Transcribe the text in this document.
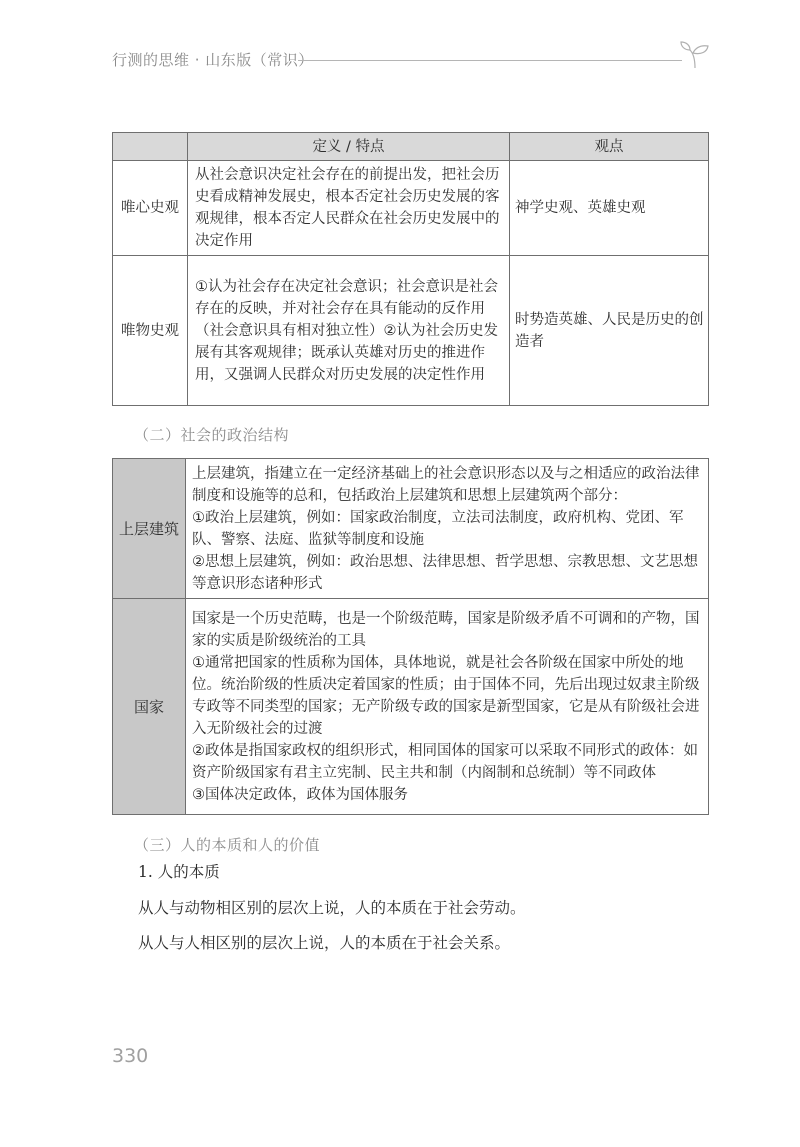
行测的思维 · 山东版（常识）
	定义 / 特点	观点
唯心史观	从社会意识决定社会存在的前提出发，把社会历史看成精神发展史，根本否定社会历史发展的客观规律，根本否定人民群众在社会历史发展中的决定作用	神学史观、英雄史观
唯物史观	①认为社会存在决定社会意识；社会意识是社会存在的反映，并对社会存在具有能动的反作用（社会意识具有相对独立性）②认为社会历史发展有其客观规律；既承认英雄对历史的推进作用，又强调人民群众对历史发展的决定性作用	时势造英雄、人民是历史的创造者
（二）社会的政治结构
上层建筑	上层建筑，指建立在一定经济基础上的社会意识形态以及与之相适应的政治法律制度和设施等的总和，包括政治上层建筑和思想上层建筑两个部分：

①政治上层建筑，例如：国家政治制度，立法司法制度，政府机构、党团、军队、警察、法庭、监狱等制度和设施

②思想上层建筑，例如：政治思想、法律思想、哲学思想、宗教思想、文艺思想等意识形态诸种形式

国家	国家是一个历史范畴，也是一个阶级范畴，国家是阶级矛盾不可调和的产物，国家的实质是阶级统治的工具

①通常把国家的性质称为国体，具体地说，就是社会各阶级在国家中所处的地位。统治阶级的性质决定着国家的性质；由于国体不同，先后出现过奴隶主阶级专政等不同类型的国家；无产阶级专政的国家是新型国家，它是从有阶级社会进入无阶级社会的过渡

②政体是指国家政权的组织形式，相同国体的国家可以采取不同形式的政体：如资产阶级国家有君主立宪制、民主共和制（内阁制和总统制）等不同政体

③国体决定政体，政体为国体服务

（三）人的本质和人的价值
1. 人的本质
从人与动物相区别的层次上说，人的本质在于社会劳动。
从人与人相区别的层次上说，人的本质在于社会关系。
330
